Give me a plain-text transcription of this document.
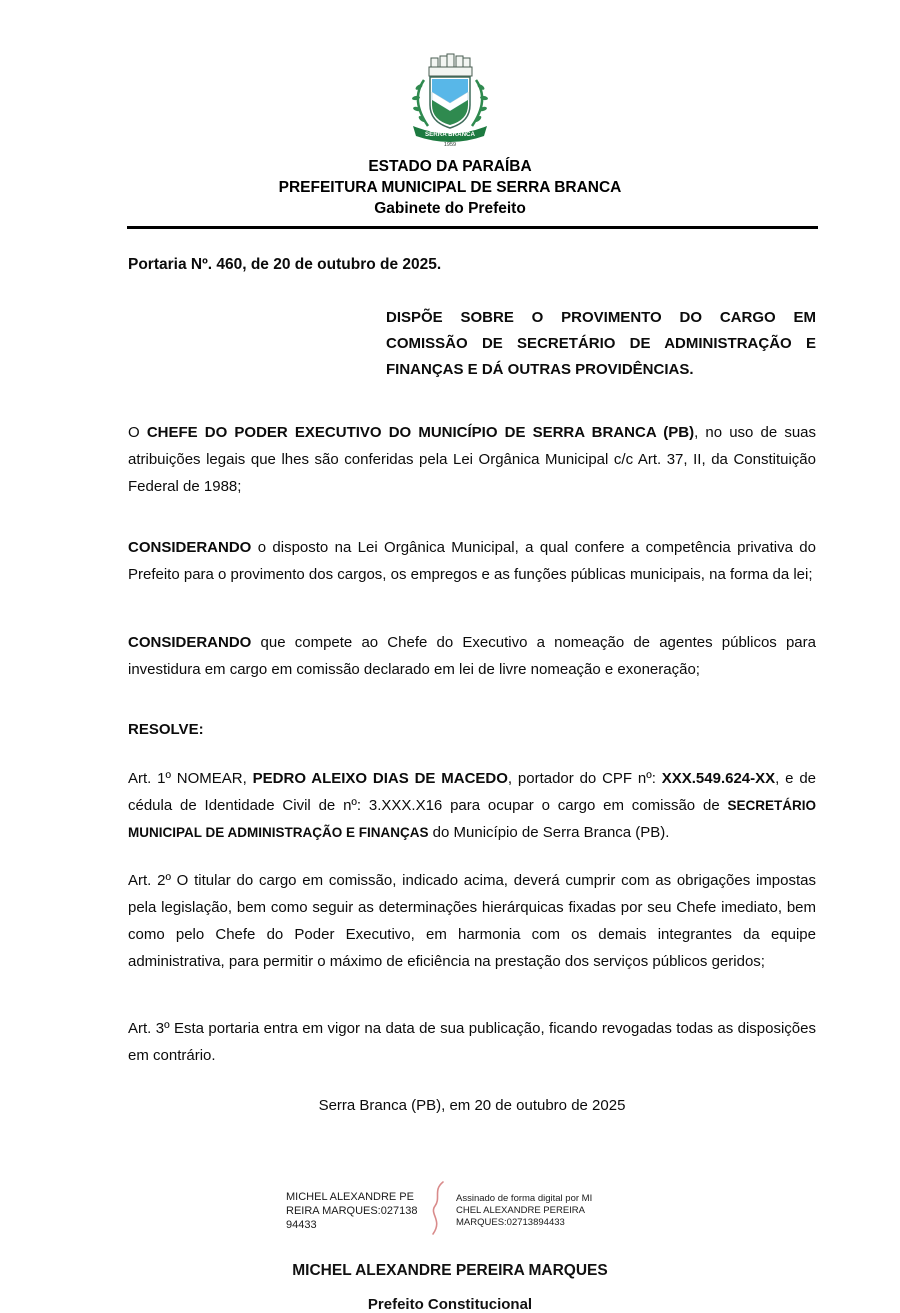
SERRA BRANCA
1959
ESTADO DA PARAÍBA
PREFEITURA MUNICIPAL DE SERRA BRANCA
Gabinete do Prefeito

Portaria Nº. 460, de 20 de outubro de 2025.

DISPÕE SOBRE O PROVIMENTO DO CARGO EM COMISSÃO DE SECRETÁRIO DE ADMINISTRAÇÃO E FINANÇAS E DÁ OUTRAS PROVIDÊNCIAS.

O CHEFE DO PODER EXECUTIVO DO MUNICÍPIO DE SERRA BRANCA (PB), no uso de suas atribuições legais que lhes são conferidas pela Lei Orgânica Municipal c/c Art. 37, II, da Constituição Federal de 1988;

CONSIDERANDO o disposto na Lei Orgânica Municipal, a qual confere a competência privativa do Prefeito para o provimento dos cargos, os empregos e as funções públicas municipais, na forma da lei;

CONSIDERANDO que compete ao Chefe do Executivo a nomeação de agentes públicos para investidura em cargo em comissão declarado em lei de livre nomeação e exoneração;

RESOLVE:

Art. 1º NOMEAR, PEDRO ALEIXO DIAS DE MACEDO, portador do CPF nº: XXX.549.624-XX, e de cédula de Identidade Civil de nº: 3.XXX.X16 para ocupar o cargo em comissão de SECRETÁRIO MUNICIPAL DE ADMINISTRAÇÃO E FINANÇAS do Município de Serra Branca (PB).

Art. 2º O titular do cargo em comissão, indicado acima, deverá cumprir com as obrigações impostas pela legislação, bem como seguir as determinações hierárquicas fixadas por seu Chefe imediato, bem como pelo Chefe do Poder Executivo, em harmonia com os demais integrantes da equipe administrativa, para permitir o máximo de eficiência na prestação dos serviços públicos geridos;

Art. 3º Esta portaria entra em vigor na data de sua publicação, ficando revogadas todas as disposições em contrário.

Serra Branca (PB), em 20 de outubro de 2025

MICHEL ALEXANDRE PEREIRA MARQUES:02713894433
Assinado de forma digital por MICHEL ALEXANDRE PEREIRA MARQUES:02713894433
MICHEL ALEXANDRE PEREIRA MARQUES
Prefeito Constitucional
